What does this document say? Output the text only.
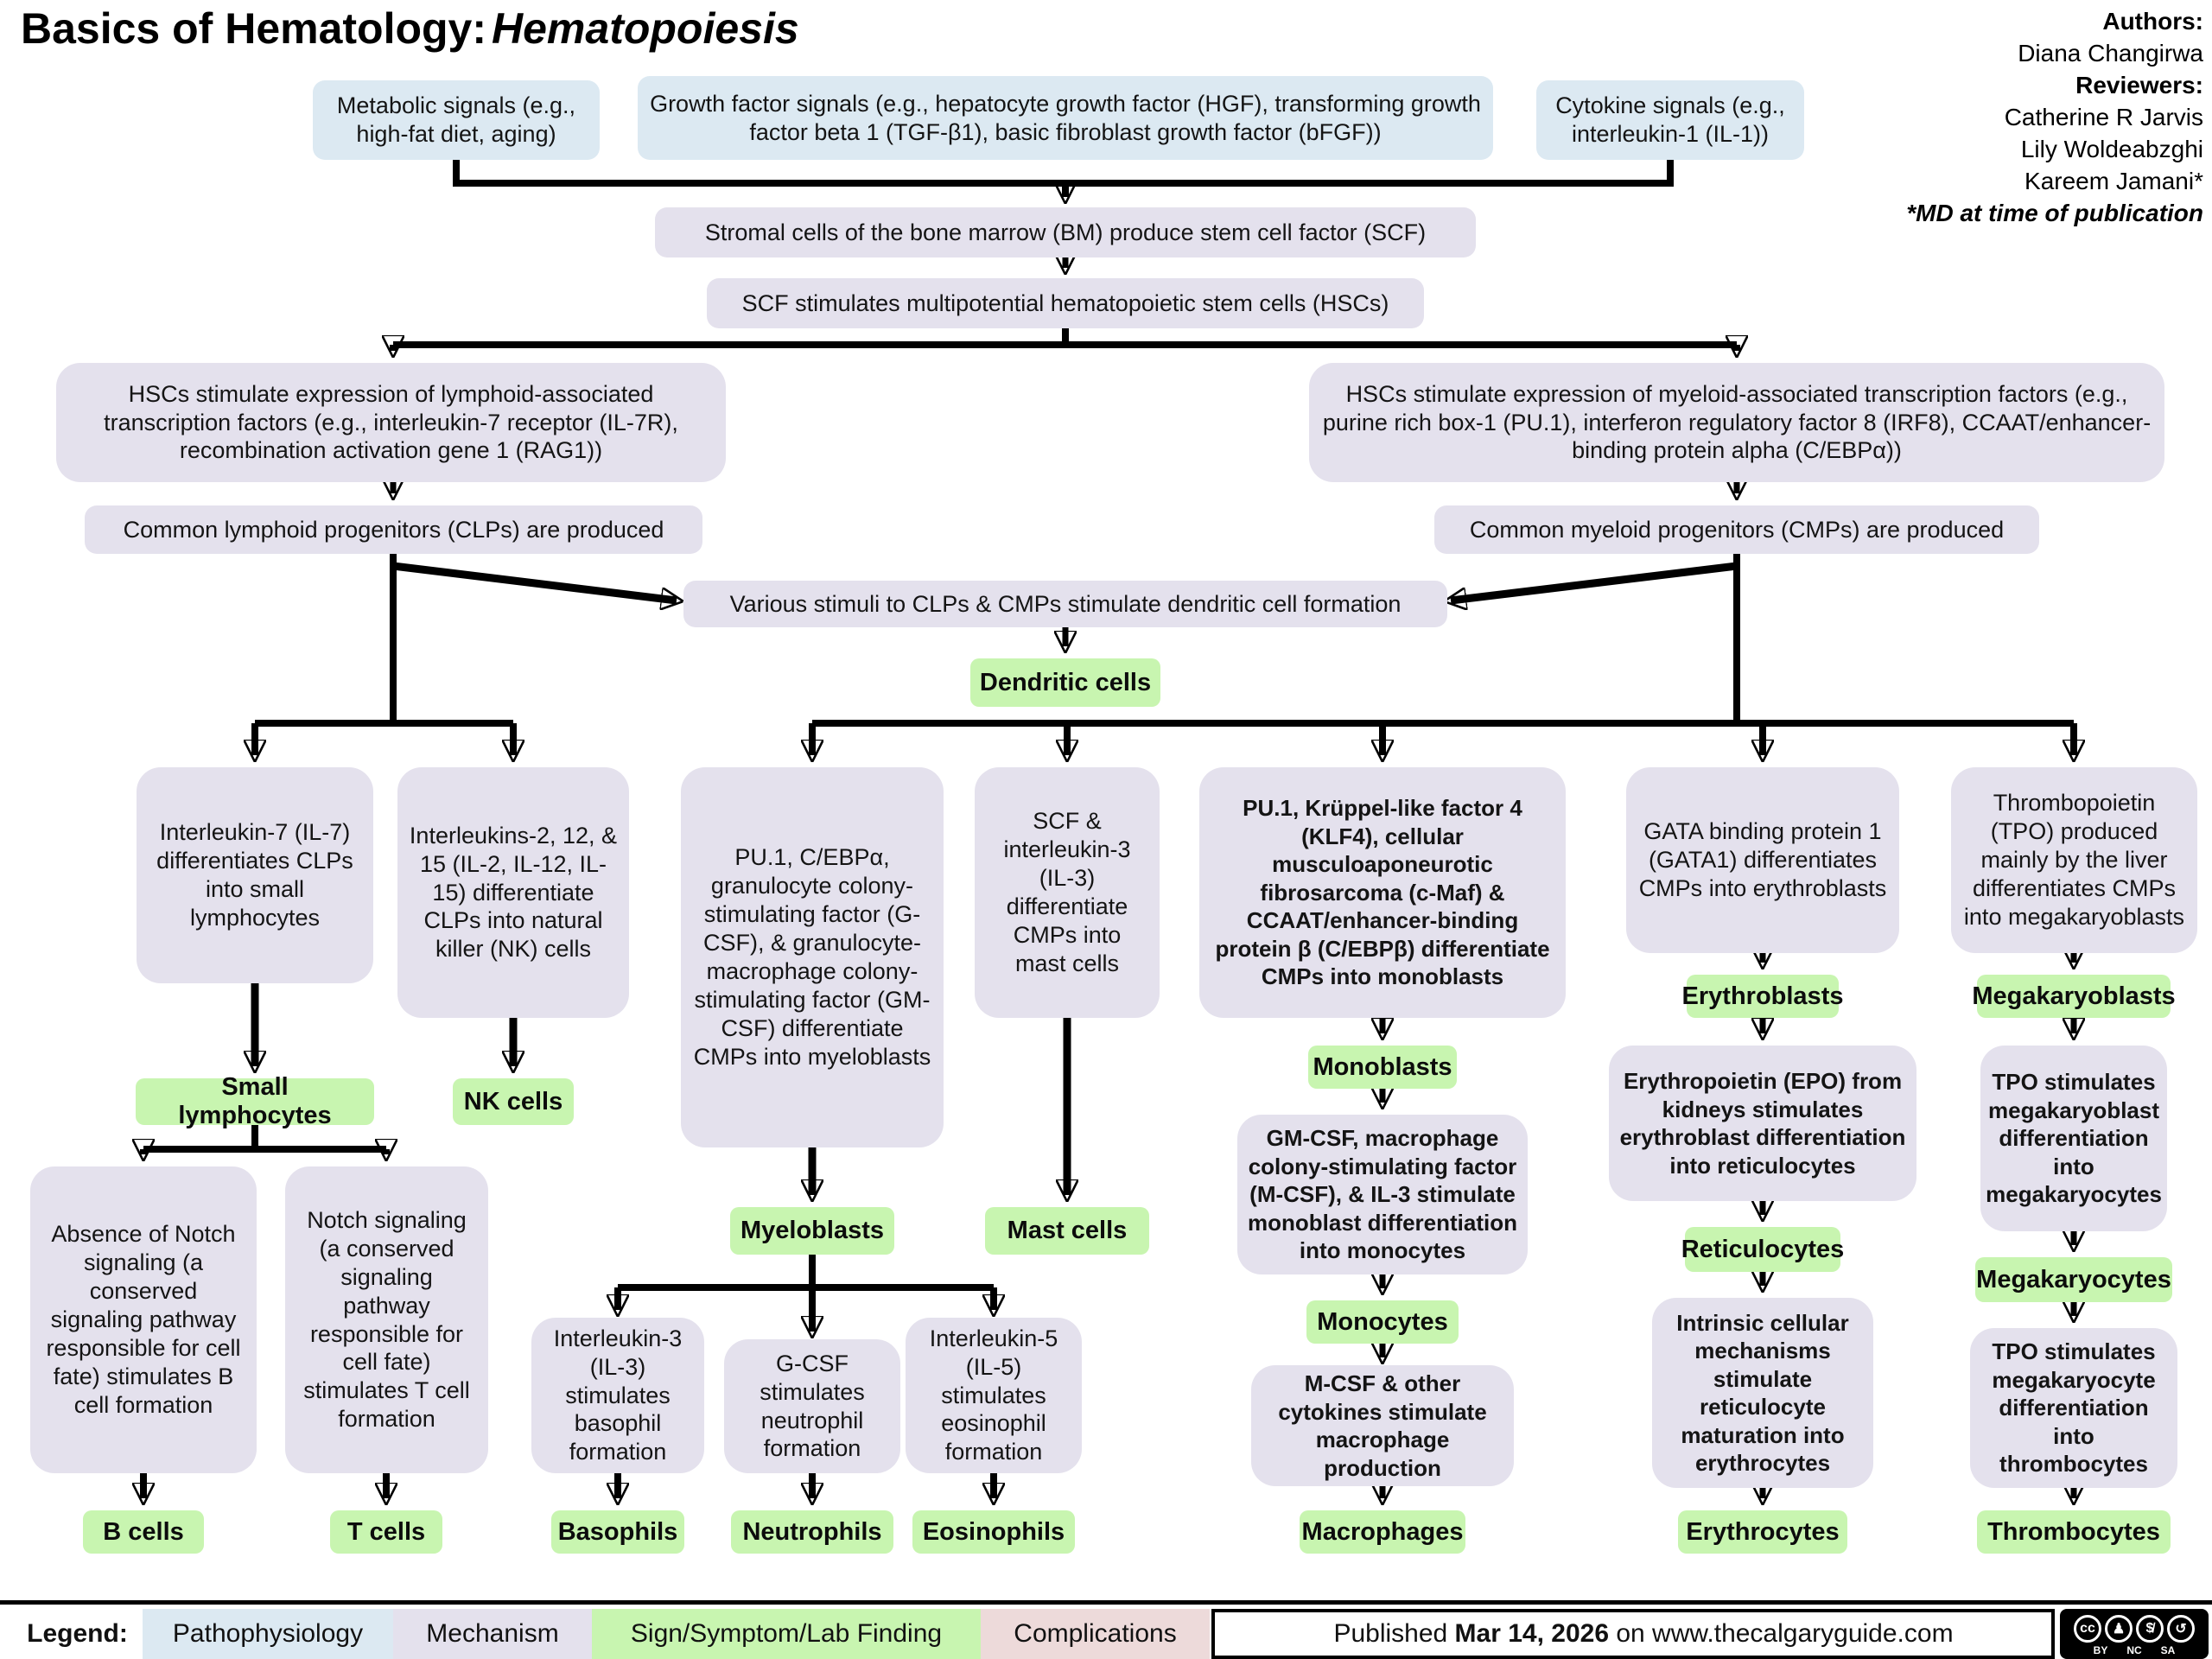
Basics of Hematology: Hematopoiesis	Authors:
Diana Changirwa
Reviewers:
Catherine R Jarvis
Lily Woldeabzghi
Kareem Jamani*
*MD at time of publication
Metabolic signals (e.g., high-fat diet, aging)
Growth factor signals (e.g., hepatocyte growth factor (HGF), transforming growth factor beta 1 (TGF-β1), basic fibroblast growth factor (bFGF))
Cytokine signals (e.g., interleukin-1 (IL-1))
Stromal cells of the bone marrow (BM) produce stem cell factor (SCF)
SCF stimulates multipotential hematopoietic stem cells (HSCs)
HSCs stimulate expression of lymphoid-associated transcription factors (e.g., interleukin-7 receptor (IL-7R), recombination activation gene 1 (RAG1))
HSCs stimulate expression of myeloid-associated transcription factors (e.g., purine rich box-1 (PU.1), interferon regulatory factor 8 (IRF8), CCAAT/enhancer-binding protein alpha (C/EBPα))
Common lymphoid progenitors (CLPs) are produced	Common myeloid progenitors (CMPs) are produced
Various stimuli to CLPs & CMPs stimulate dendritic cell formation
Dendritic cells
Interleukin-7 (IL-7) differentiates CLPs into small lymphocytes
Interleukins-2, 12, & 15 (IL-2, IL-12, IL-15) differentiate CLPs into natural killer (NK) cells
PU.1, C/EBPα, granulocyte colony-stimulating factor (G-CSF), & granulocyte-macrophage colony-stimulating factor (GM-CSF) differentiate CMPs into myeloblasts
SCF & interleukin-3 (IL-3) differentiate CMPs into mast cells
PU.1, Krüppel-like factor 4 (KLF4), cellular musculoaponeurotic fibrosarcoma (c-Maf) & CCAAT/enhancer-binding protein β (C/EBPβ) differentiate CMPs into monoblasts
GATA binding protein 1 (GATA1) differentiates CMPs into erythroblasts
Thrombopoietin (TPO) produced mainly by the liver differentiates CMPs into megakaryoblasts
Small lymphocytes
NK cells
Absence of Notch signaling (a conserved signaling pathway responsible for cell fate) stimulates B cell formation
Notch signaling (a conserved signaling pathway responsible for cell fate) stimulates T cell formation
B cells	T cells
Myeloblasts	Mast cells
Interleukin-3 (IL-3) stimulates basophil formation
G-CSF stimulates neutrophil formation
Interleukin-5 (IL-5) stimulates eosinophil formation
Basophils	Neutrophils	Eosinophils
Monoblasts
GM-CSF, macrophage colony-stimulating factor (M-CSF), & IL-3 stimulate monoblast differentiation into monocytes
Monocytes
M-CSF & other cytokines stimulate macrophage production
Macrophages
Erythroblasts
Erythropoietin (EPO) from kidneys stimulates erythroblast differentiation into reticulocytes
Reticulocytes
Intrinsic cellular mechanisms stimulate reticulocyte maturation into erythrocytes
Erythrocytes
Megakaryoblasts
TPO stimulates megakaryoblast differentiation into megakaryocytes
Megakaryocytes
TPO stimulates megakaryocyte differentiation into thrombocytes
Thrombocytes
Legend:	Pathophysiology	Mechanism	Sign/Symptom/Lab Finding	Complications	Published Mar 14, 2026 on www.thecalgaryguide.com	cc	♟	$̸	↺
BY NC SA
